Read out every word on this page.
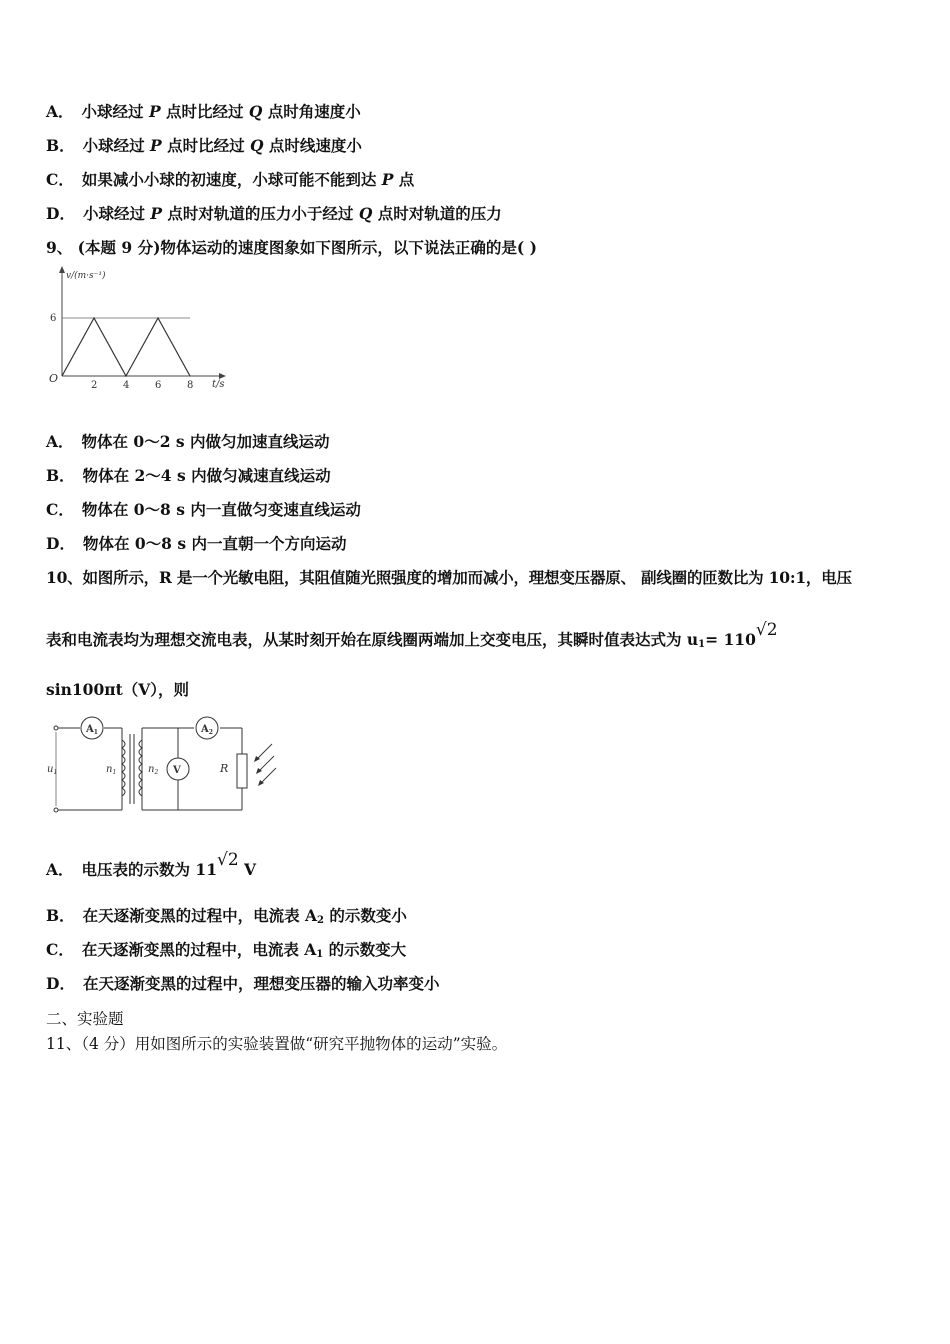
A． 小球经过 P 点时比经过 Q 点时角速度小
B． 小球经过 P 点时比经过 Q 点时线速度小
C． 如果减小小球的初速度，小球可能不能到达 P 点
D． 小球经过 P 点时对轨道的压力小于经过 Q 点时对轨道的压力
9、 (本题 9 分)物体运动的速度图象如下图所示，以下说法正确的是( )
v/(m·s⁻¹)
6
O
2	4	6	8 t/s
A． 物体在 0～2 s 内做匀加速直线运动
B． 物体在 2～4 s 内做匀减速直线运动
C． 物体在 0～8 s 内一直做匀变速直线运动
D． 物体在 0～8 s 内一直朝一个方向运动
10、如图所示，R 是一个光敏电阻，其阻值随光照强度的增加而减小，理想变压器原、 副线圈的匝数比为 10:1，电压
表和电流表均为理想交流电表，从某时刻开始在原线圈两端加上交变电压，其瞬时值表达式为 $u_1= 110√2$
sin100πt（V），则
$A_1$	$A_2$
V	R
$u_1$	$n_1$	$n_2$
A． 电压表的示数为 11√2 V
B． 在天逐渐变黑的过程中，电流表 $A_2$ 的示数变小
C． 在天逐渐变黑的过程中，电流表 $A_1$ 的示数变大
D． 在天逐渐变黑的过程中，理想变压器的输入功率变小
二、实验题
11、（4 分）用如图所示的实验装置做“研究平抛物体的运动”实验。
